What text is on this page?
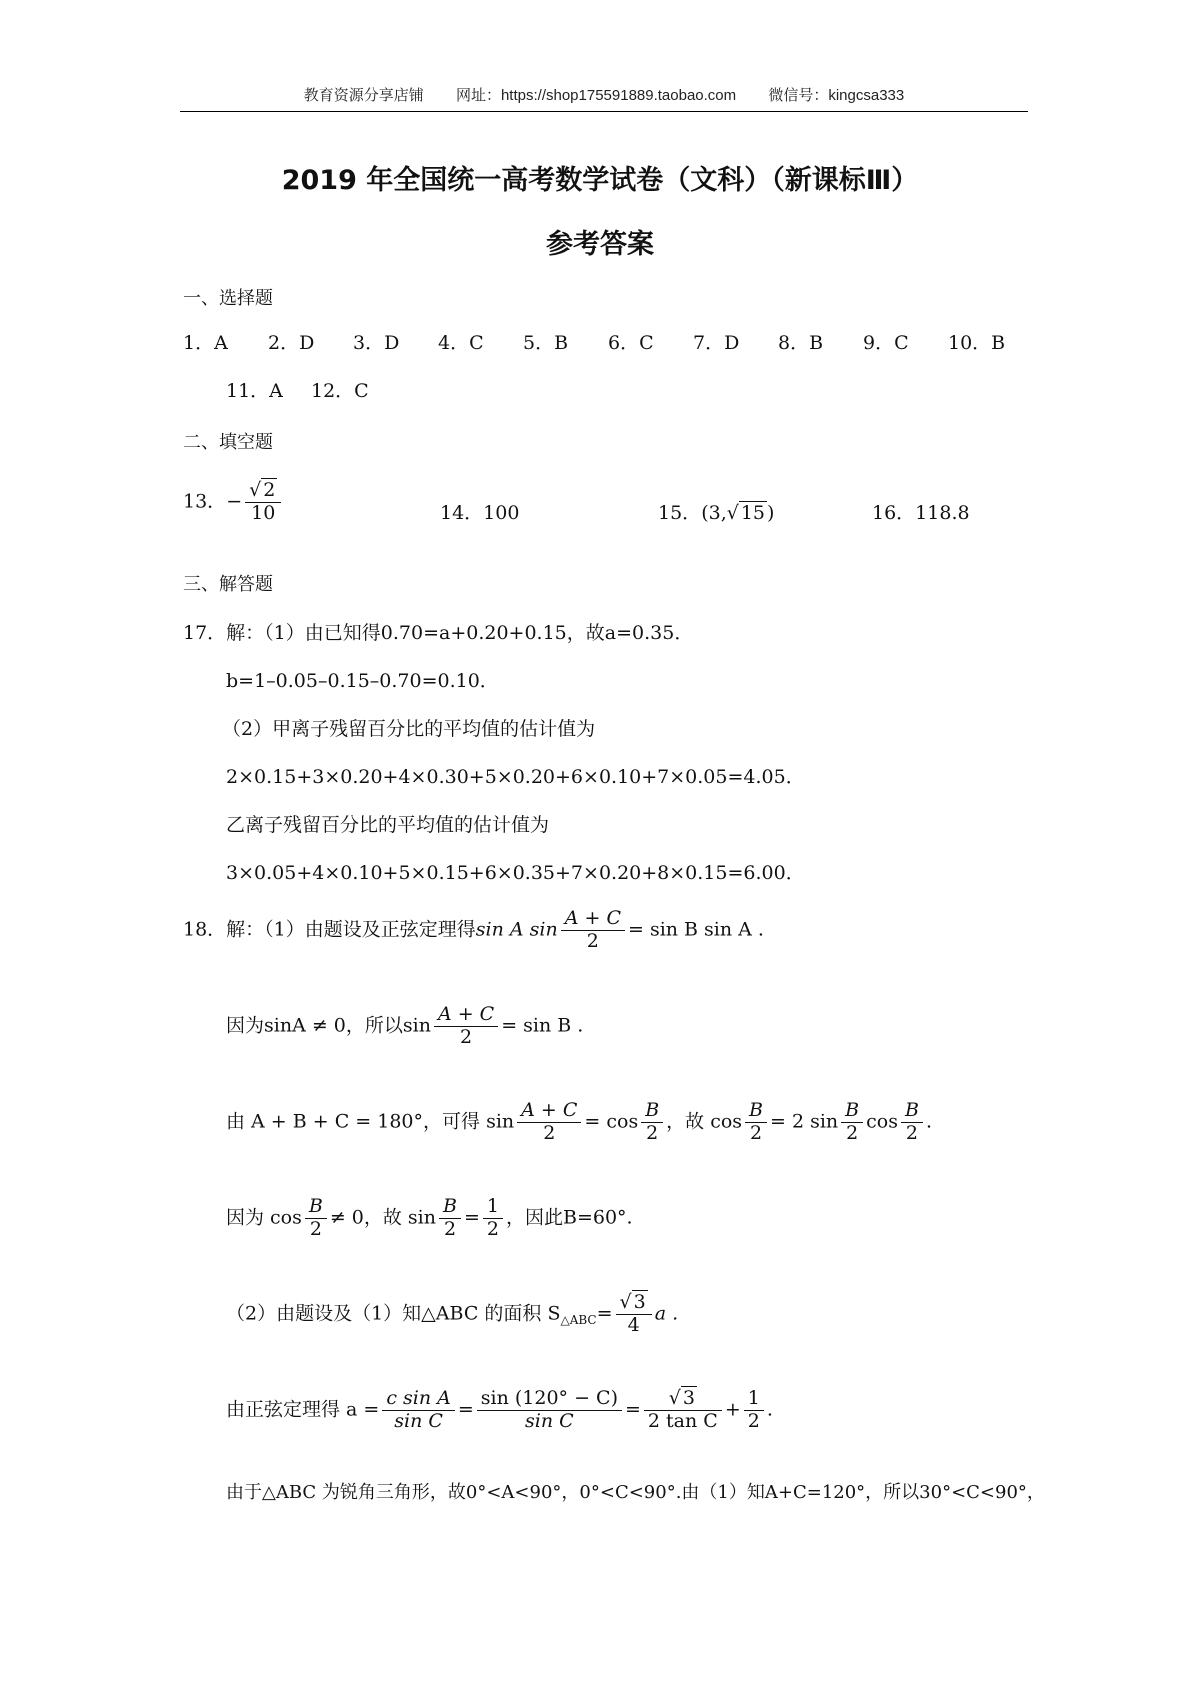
教育资源分享店铺 网址：https://shop175591889.taobao.com 微信号：kingcsa333
2019 年全国统一高考数学试卷（文科）（新课标Ⅲ）
参考答案
一、选择题
1．A 2．D 3．D 4．C 5．B 6．C 7．D 8．B 9．C 10．B
11．A 12．C
二、填空题
13．− $\frac{√ 2}{10}$	14．100	15．(3,√ 15 )	16．118.8
三、解答题
17．解：（1）由已知得0.70=a+0.20+0.15，故a=0.35．
b=1–0.05–0.15–0.70=0.10．
（2）甲离子残留百分比的平均值的估计值为
2×0.15+3×0.20+4×0.30+5×0.20+6×0.10+7×0.05=4.05．
乙离子残留百分比的平均值的估计值为
3×0.05+4×0.10+5×0.15+6×0.35+7×0.20+8×0.15=6.00．
18．解：（1）由题设及正弦定理得sin A $\sin \frac{A + C}{2} = \sin B$ sin A .
因为sinA ≠ 0，所以$\sin \frac{A + C}{2} = \sin B$ .
由 A + B + C = 180°，可得 $\sin \frac{A + C}{2} = \cos \frac{B}{2}$ ，故 $\cos \frac{B}{2} = 2$ $\sin \frac{B}{2}$ $\cos \frac{B}{2}$ .
因为 $\cos \frac{B}{2} \ne 0$，故 $\sin \frac{B}{2} = \frac{1}{2}$ ，因此B=60°.
（2）由题设及（1）知△ABC 的面积 $S_{\triangle ABC}= \frac{√ 3}{4}$ a .
由正弦定理得 $a = \frac{\text{c sin A}}{\text{sin C}} = \frac{\sin (120^\circ - C)}{\text{sin C}} = \frac{√ 3}{\text{2 tan C}} + \frac{1}{2}$ .
由于△ABC 为锐角三角形，故0°<A<90°，0°<C<90°.由（1）知A+C=120°，所以30°<C<90°，
